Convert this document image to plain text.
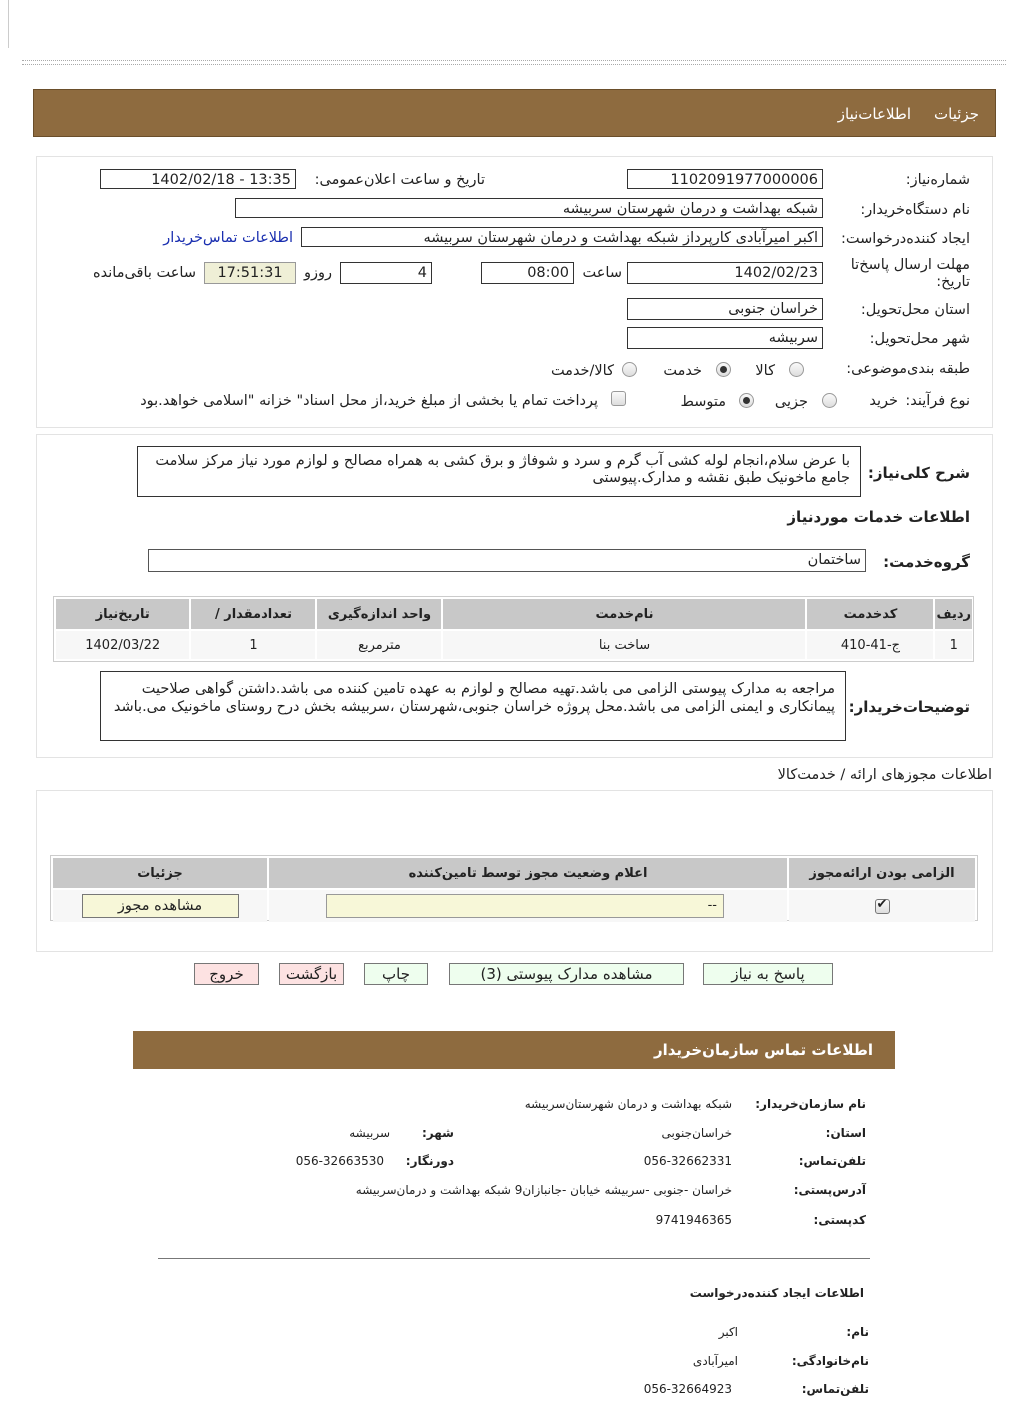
جزئیات
اطلاعات‌نیاز
شماره‌نیاز:
1102091977000006
تاریخ و ساعت اعلان‌عمومی:
1402/02/18 - 13:35
نام دستگاه‌خریدار:
شبکه بهداشت و درمان شهرستان سربیشه
ایجاد کننده‌درخواست:
اکبر امیرآبادی کارپرداز شبکه بهداشت و درمان شهرستان سربیشه
اطلاعات تماس‌خریدار
مهلت ارسال پاسخ‌تا تاریخ:
1402/02/23
ساعت
08:00
4
روزو
17:51:31
ساعت باقی‌مانده
استان محل‌تحویل:
خراسان جنوبی
شهر محل‌تحویل:
سربیشه
طبقه بندی‌موضوعی:
کالا
خدمت
کالا/خدمت
نوع فرآیند:
خرید
جزیی
متوسط
پرداخت تمام یا بخشی از مبلغ خرید،از محل اسناد" خزانه "اسلامی خواهد.بود
شرح کلی‌نیاز:
با عرض سلام،انجام لوله کشی آب گرم و سرد و شوفاژ و برق کشی به همراه مصالح و لوازم مورد نیاز مرکز سلامت جامع ماخونیک طبق نقشه و مدارک.پیوستی
اطلاعات خدمات موردنیاز
گروه‌خدمت:
ساختمان
ردیف	کدخدمت	نام‌خدمت	واحد اندازه‌گیری	تعداد‌مقدار /	تاریخ‌نیاز
1	ج-41-410	ساخت بنا	مترمربع	1	1402/03/22
توضیحات‌خریدار:
مراجعه به مدارک پیوستی الزامی می باشد.تهیه مصالح و لوازم به عهده تامین کننده می باشد.داشتن گواهی صلاحیت پیمانکاری و ایمنی الزامی می باشد.محل پروژه خراسان جنوبی،شهرستان ،سربیشه بخش درح روستای ماخونیک می.باشد
اطلاعات مجوزهای ارائه / خدمت‌کالا
الزامی بودن ارائه‌مجوز	اعلام وضعیت مجوز توسط تامین‌کننده	جزئیات

✔	--	مشاهده مجوز
پاسخ به نیاز
مشاهده مدارک پیوستی (3)
چاپ
بازگشت
خروج
اطلاعات تماس سازمان‌خریدار
نام سازمان‌خریدار:
شبکه بهداشت و درمان شهرستان‌سربیشه
استان:
خراسان‌جنوبی
شهر:
سربیشه
تلفن‌تماس:
056-32662331
دورنگار:
056-32663530
آدرس‌پستی:
خراسان -جنوبی -سربیشه خیابان -جانبازان9 شبکه بهداشت و درمان‌سربیشه
کدپستی:
9741946365
اطلاعات ایجاد کننده‌درخواست
نام:
اکبر
نام‌خانوادگی:
امیرآبادی
تلفن‌تماس:
056-32664923
